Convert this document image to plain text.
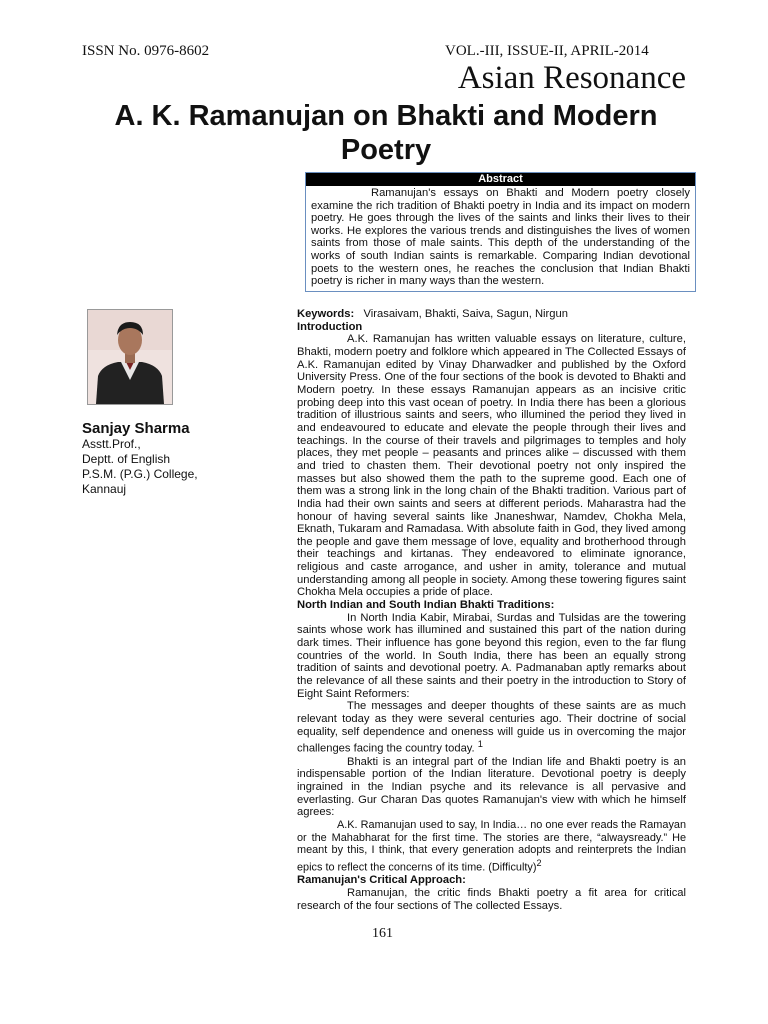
ISSN No. 0976-8602	VOL.-III, ISSUE-II, APRIL-2014
Asian Resonance
A. K. Ramanujan on Bhakti and Modern Poetry
Abstract

Ramanujan's essays on Bhakti and Modern poetry closely examine the rich tradition of Bhakti poetry in India and its impact on modern poetry. He goes through the lives of the saints and links their lives to their works. He explores the various trends and distinguishes the lives of women saints from those of male saints. This depth of the understanding of the works of south Indian saints is remarkable. Comparing Indian devotional poets to the western ones, he reaches the conclusion that Indian Bhakti poetry is richer in many ways than the western.

Sanjay Sharma
Asstt.Prof.,
Deptt. of English
P.S.M. (P.G.) College,
Kannauj

Keywords: Virasaivam, Bhakti, Saiva, Sagun, Nirgun

Introduction

A.K. Ramanujan has written valuable essays on literature, culture, Bhakti, modern poetry and folklore which appeared in The Collected Essays of A.K. Ramanujan edited by Vinay Dharwadker and published by the Oxford University Press. One of the four sections of the book is devoted to Bhakti and Modern poetry. In these essays Ramanujan appears as an incisive critic probing deep into this vast ocean of poetry. In India there has been a glorious tradition of illustrious saints and seers, who illumined the period they lived in and endeavoured to educate and elevate the people through their lives and teachings. In the course of their travels and pilgrimages to temples and holy places, they met people – peasants and princes alike – discussed with them and tried to chasten them. Their devotional poetry not only inspired the masses but also showed them the path to the supreme good. Each one of them was a strong link in the long chain of the Bhakti tradition. Various part of India had their own saints and seers at different periods. Maharastra had the honour of having several saints like Jnaneshwar, Namdev, Chokha Mela, Eknath, Tukaram and Ramadasa. With absolute faith in God, they lived among the people and gave them message of love, equality and brotherhood through their teachings and kirtanas. They endeavored to eliminate ignorance, religious and caste arrogance, and usher in amity, tolerance and mutual understanding among all people in society. Among these towering figures saint Chokha Mela occupies a pride of place.

North Indian and South Indian Bhakti Traditions:

In North India Kabir, Mirabai, Surdas and Tulsidas are the towering saints whose work has illumined and sustained this part of the nation during dark times. Their influence has gone beyond this region, even to the far flung countries of the world. In South India, there has been an equally strong tradition of saints and devotional poetry. A. Padmanaban aptly remarks about the relevance of all these saints and their poetry in the introduction to Story of Eight Saint Reformers:

The messages and deeper thoughts of these saints are as much relevant today as they were several centuries ago. Their doctrine of social equality, self dependence and oneness will guide us in overcoming the major challenges facing the country today. $^1$

Bhakti is an integral part of the Indian life and Bhakti poetry is an indispensable portion of the Indian literature. Devotional poetry is deeply ingrained in the Indian psyche and its relevance is all pervasive and everlasting. Gur Charan Das quotes Ramanujan's view with which he himself agrees:

A.K. Ramanujan used to say, In India… no one ever reads the Ramayan or the Mahabharat for the first time. The stories are there, “alwaysready.” He meant by this, I think, that every generation adopts and reinterprets the Indian epics to reflect the concerns of its time. (Difficulty)$^2$

Ramanujan's Critical Approach:

Ramanujan, the critic finds Bhakti poetry a fit area for critical research of the four sections of The collected Essays.

161
